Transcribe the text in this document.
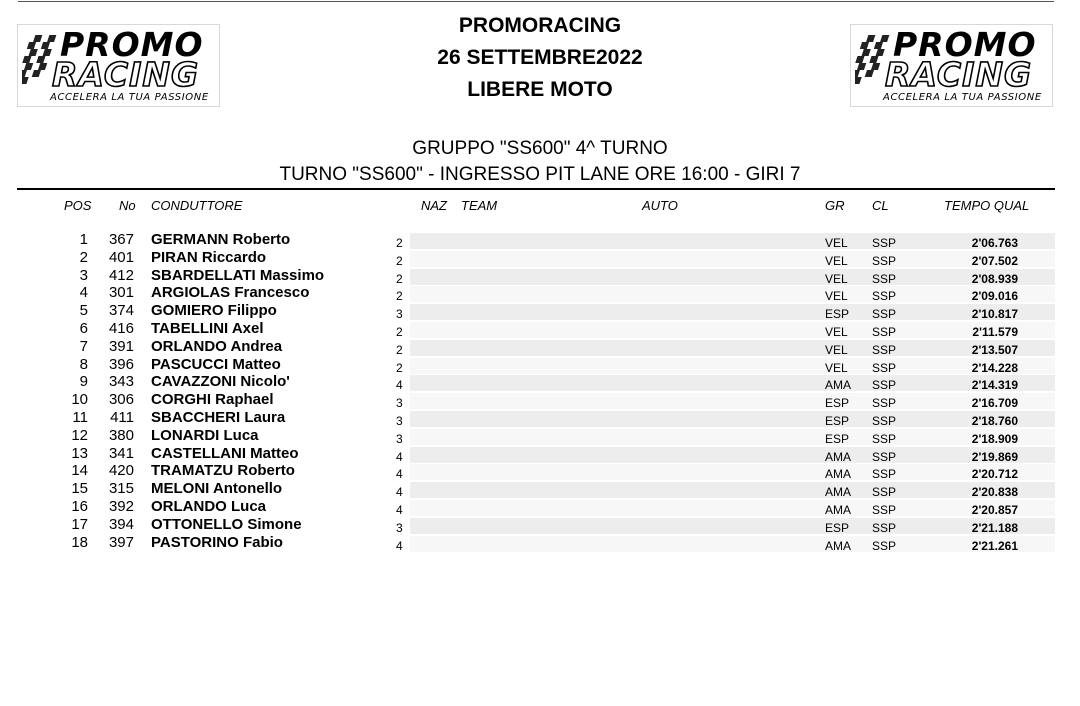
PROMO
RACING
ACCELERA LA TUA PASSIONE
PROMO
RACING
ACCELERA LA TUA PASSIONE
PROMORACING
26 SETTEMBRE2022
LIBERE MOTO
GRUPPO "SS600" 4^ TURNO
TURNO "SS600" - INGRESSO PIT LANE ORE 16:00 - GIRI 7
POS No CONDUTTORE	NAZ TEAM	AUTO	GR CL	TEMPO QUAL
1	367 GERMANN Roberto	2	VEL SSP	2'06.763
2	401 PIRAN Riccardo	2	VEL SSP	2'07.502
3	412 SBARDELLATI Massimo	2	VEL SSP	2'08.939
4	301 ARGIOLAS Francesco	2	VEL SSP	2'09.016
5	374 GOMIERO Filippo	3	ESP SSP	2'10.817
6	416 TABELLINI Axel	2	VEL SSP	2'11.579
7	391 ORLANDO Andrea	2	VEL SSP	2'13.507
8	396 PASCUCCI Matteo	2	VEL SSP	2'14.228
9	343 CAVAZZONI Nicolo'	4	AMA SSP	2'14.319
10	306 CORGHI Raphael	3	ESP SSP	2'16.709
11	411 SBACCHERI Laura	3	ESP SSP	2'18.760
12	380 LONARDI Luca	3	ESP SSP	2'18.909
13	341 CASTELLANI Matteo	4	AMA SSP	2'19.869
14	420 TRAMATZU Roberto	4	AMA SSP	2'20.712
15	315 MELONI Antonello	4	AMA SSP	2'20.838
16	392 ORLANDO Luca	4	AMA SSP	2'20.857
17	394 OTTONELLO Simone	3	ESP SSP	2'21.188
18	397 PASTORINO Fabio	4	AMA SSP	2'21.261
